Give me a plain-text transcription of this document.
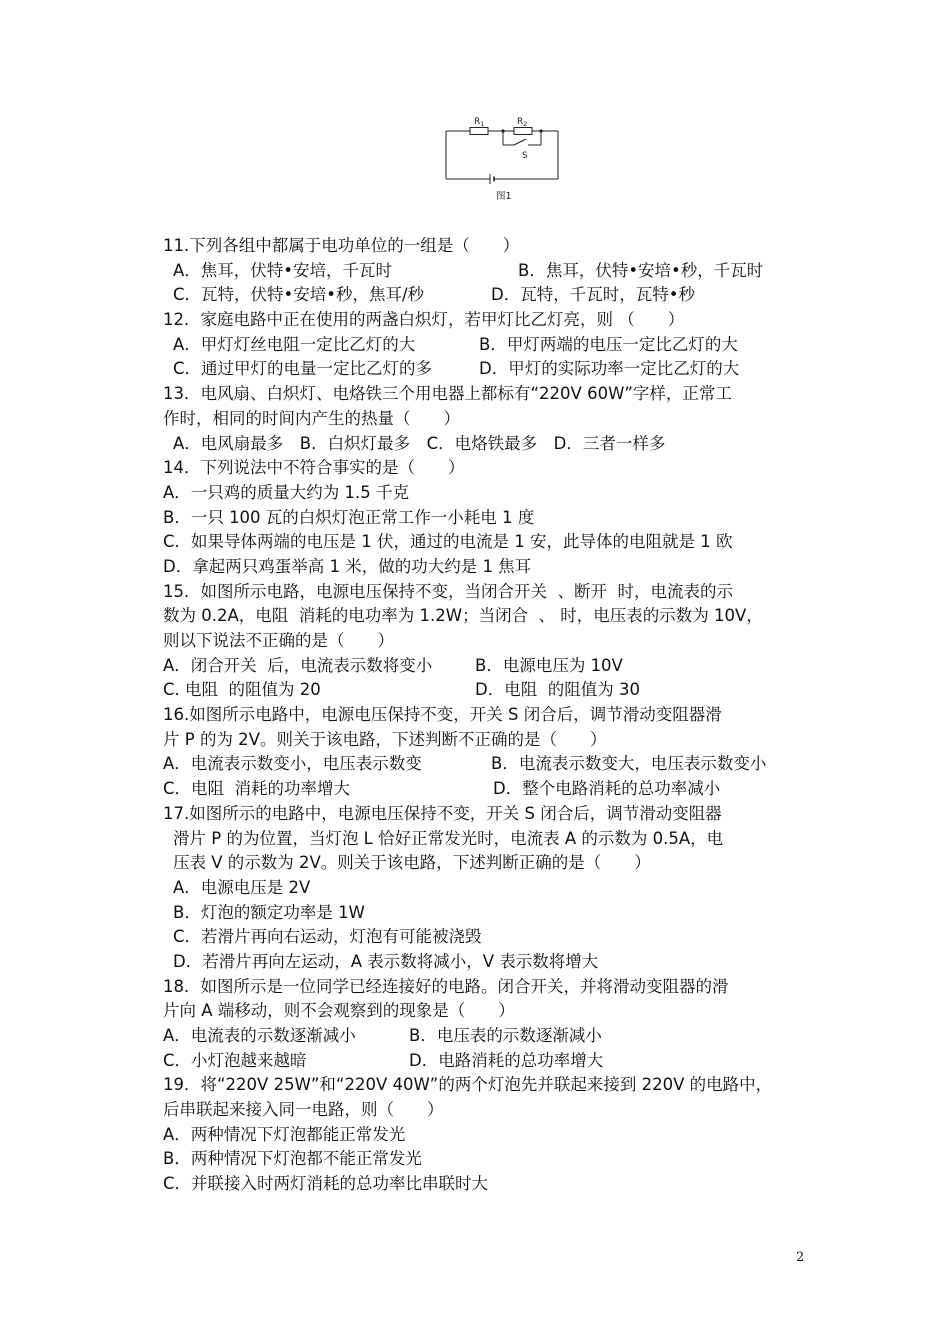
$R_1$	$R_2$
S
图1
11.下列各组中都属于电功单位的一组是（　　）
A．焦耳，伏特•安培，千瓦时	B．焦耳，伏特•安培•秒，千瓦时
C．瓦特，伏特•安培•秒，焦耳/秒	D．瓦特，千瓦时，瓦特•秒
12．家庭电路中正在使用的两盏白炽灯，若甲灯比乙灯亮，则 （　　）
A．甲灯灯丝电阻一定比乙灯的大	B．甲灯两端的电压一定比乙灯的大
C．通过甲灯的电量一定比乙灯的多	D．甲灯的实际功率一定比乙灯的大
13．电风扇、白炽灯、电烙铁三个用电器上都标有“220V 60W”字样，正常工
作时，相同的时间内产生的热量（　　）
A．电风扇最多　B．白炽灯最多　C．电烙铁最多　D．三者一样多
14．下列说法中不符合事实的是（　　）
A．一只鸡的质量大约为 1.5 千克
B．一只 100 瓦的白炽灯泡正常工作一小耗电 1 度
C．如果导体两端的电压是 1 伏，通过的电流是 1 安，此导体的电阻就是 1 欧
D．拿起两只鸡蛋举高 1 米，做的功大约是 1 焦耳
15．如图所示电路，电源电压保持不变，当闭合开关  、断开  时，电流表的示
数为 0.2A，电阻  消耗的电功率为 1.2W；当闭合  、 时，电压表的示数为 10V，
则以下说法不正确的是（　　）
A．闭合开关  后，电流表示数将变小	B．电源电压为 10V
C. 电阻  的阻值为 20	D．电阻  的阻值为 30
16.如图所示电路中，电源电压保持不变，开关 S 闭合后，调节滑动变阻器滑
片 P 的为 2V。则关于该电路，下述判断不正确的是（　　）
A．电流表示数变小，电压表示数变	B．电流表示数变大，电压表示数变小
C．电阻  消耗的功率增大	D．整个电路消耗的总功率减小
17.如图所示的电路中，电源电压保持不变，开关 S 闭合后，调节滑动变阻器
滑片 P 的为位置，当灯泡 L 恰好正常发光时，电流表 A 的示数为 0.5A，电
压表 V 的示数为 2V。则关于该电路，下述判断正确的是（　　）
A．电源电压是 2V
B．灯泡的额定功率是 1W
C．若滑片再向右运动，灯泡有可能被浇毁
D．若滑片再向左运动，A 表示数将减小，V 表示数将增大
18．如图所示是一位同学已经连接好的电路。闭合开关，并将滑动变阻器的滑
片向 A 端移动，则不会观察到的现象是（　　）
A．电流表的示数逐渐减小	B．电压表的示数逐渐减小
C．小灯泡越来越暗	D．电路消耗的总功率增大
19．将“220V 25W”和“220V 40W”的两个灯泡先并联起来接到 220V 的电路中，
后串联起来接入同一电路，则（　　）
A．两种情况下灯泡都能正常发光
B．两种情况下灯泡都不能正常发光
C．并联接入时两灯消耗的总功率比串联时大
2
